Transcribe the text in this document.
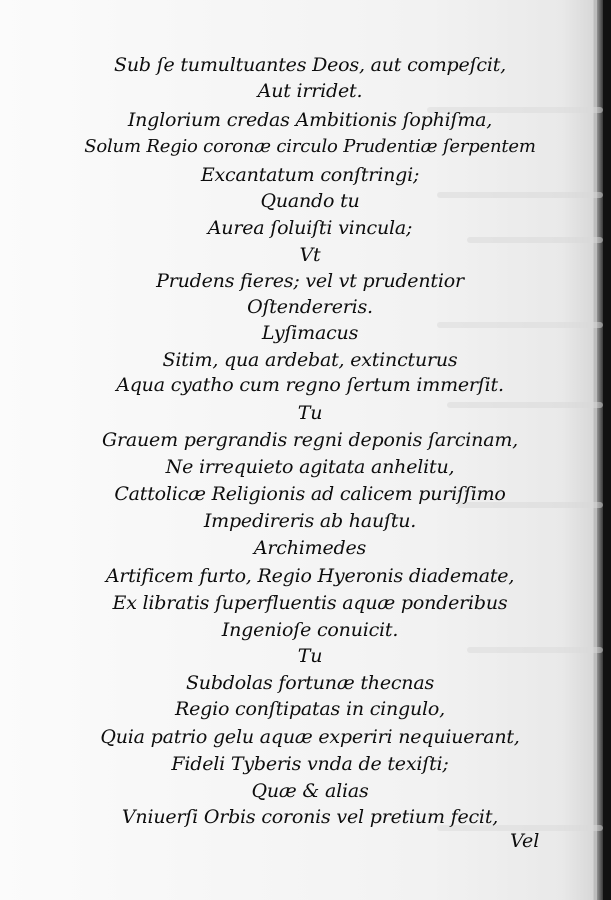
Sub ſe tumultuantes Deos, aut compeſcit,
Aut irridet.
Inglorium credas Ambitionis ſophiſma,
Solum Regio coronæ circulo Prudentiæ ſerpentem
Excantatum conſtringi;
Quando tu
Aurea ſoluiſti vincula;
Vt
Prudens fieres; vel vt prudentior
Oſtendereris.
Lyſimacus
Sitim, qua ardebat, extincturus
Aqua cyatho cum regno ſertum immerſit.
Tu
Grauem pergrandis regni deponis ſarcinam,
Ne irrequieto agitata anhelitu,
Cattolicæ Religionis ad calicem puriſſimo
Impedireris ab hauſtu.
Archimedes
Artificem furto, Regio Hyeronis diademate,
Ex libratis ſuperfluentis aquæ ponderibus
Ingenioſe conuicit.
Tu
Subdolas fortunæ thecnas
Regio conſtipatas in cingulo,
Quia patrio gelu aquæ experiri nequiuerant,
Fideli Tyberis vnda de texiſti;
Quæ & alias
Vniuerſi Orbis coronis vel pretium fecit,
Vel
